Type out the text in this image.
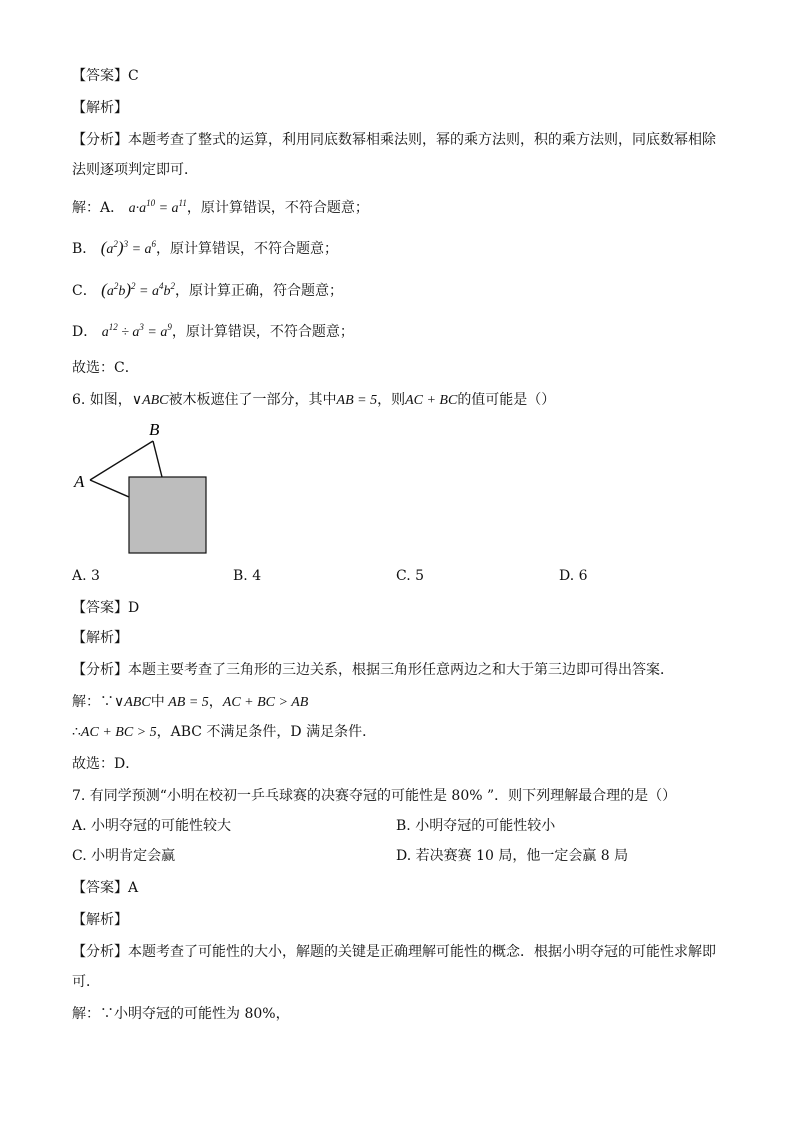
【答案】C
【解析】
【分析】本题考查了整式的运算，利用同底数幂相乘法则，幂的乘方法则，积的乘方法则，同底数幂相除
法则逐项判定即可．
解：A． $a\cdot a^{10} = a^{11}$，原计算错误，不符合题意；
B． $(a^2)^3 = a^6$，原计算错误，不符合题意；
C． $(a^2b)^2 = a^4b^2$，原计算正确，符合题意；
D． $a^{12} \div a^3 = a^9$，原计算错误，不符合题意；
故选：C．
6. 如图，∨ABC被木板遮住了一部分，其中AB = 5，则AC + BC的值可能是（）
B
A
A. 3	B. 4	C. 5	D. 6
【答案】D
【解析】
【分析】本题主要考查了三角形的三边关系，根据三角形任意两边之和大于第三边即可得出答案．
解：∵∨ABC中 AB = 5，AC + BC > AB
∴AC + BC > 5，ABC 不满足条件，D 满足条件．
故选：D．
7. 有同学预测“小明在校初一乒乓球赛的决赛夺冠的可能性是 80% ”．则下列理解最合理的是（）
A. 小明夺冠的可能性较大	B. 小明夺冠的可能性较小
C. 小明肯定会赢	D. 若决赛赛 10 局，他一定会赢 8 局
【答案】A
【解析】
【分析】本题考查了可能性的大小，解题的关键是正确理解可能性的概念．根据小明夺冠的可能性求解即
可．
解：∵小明夺冠的可能性为 80%，
